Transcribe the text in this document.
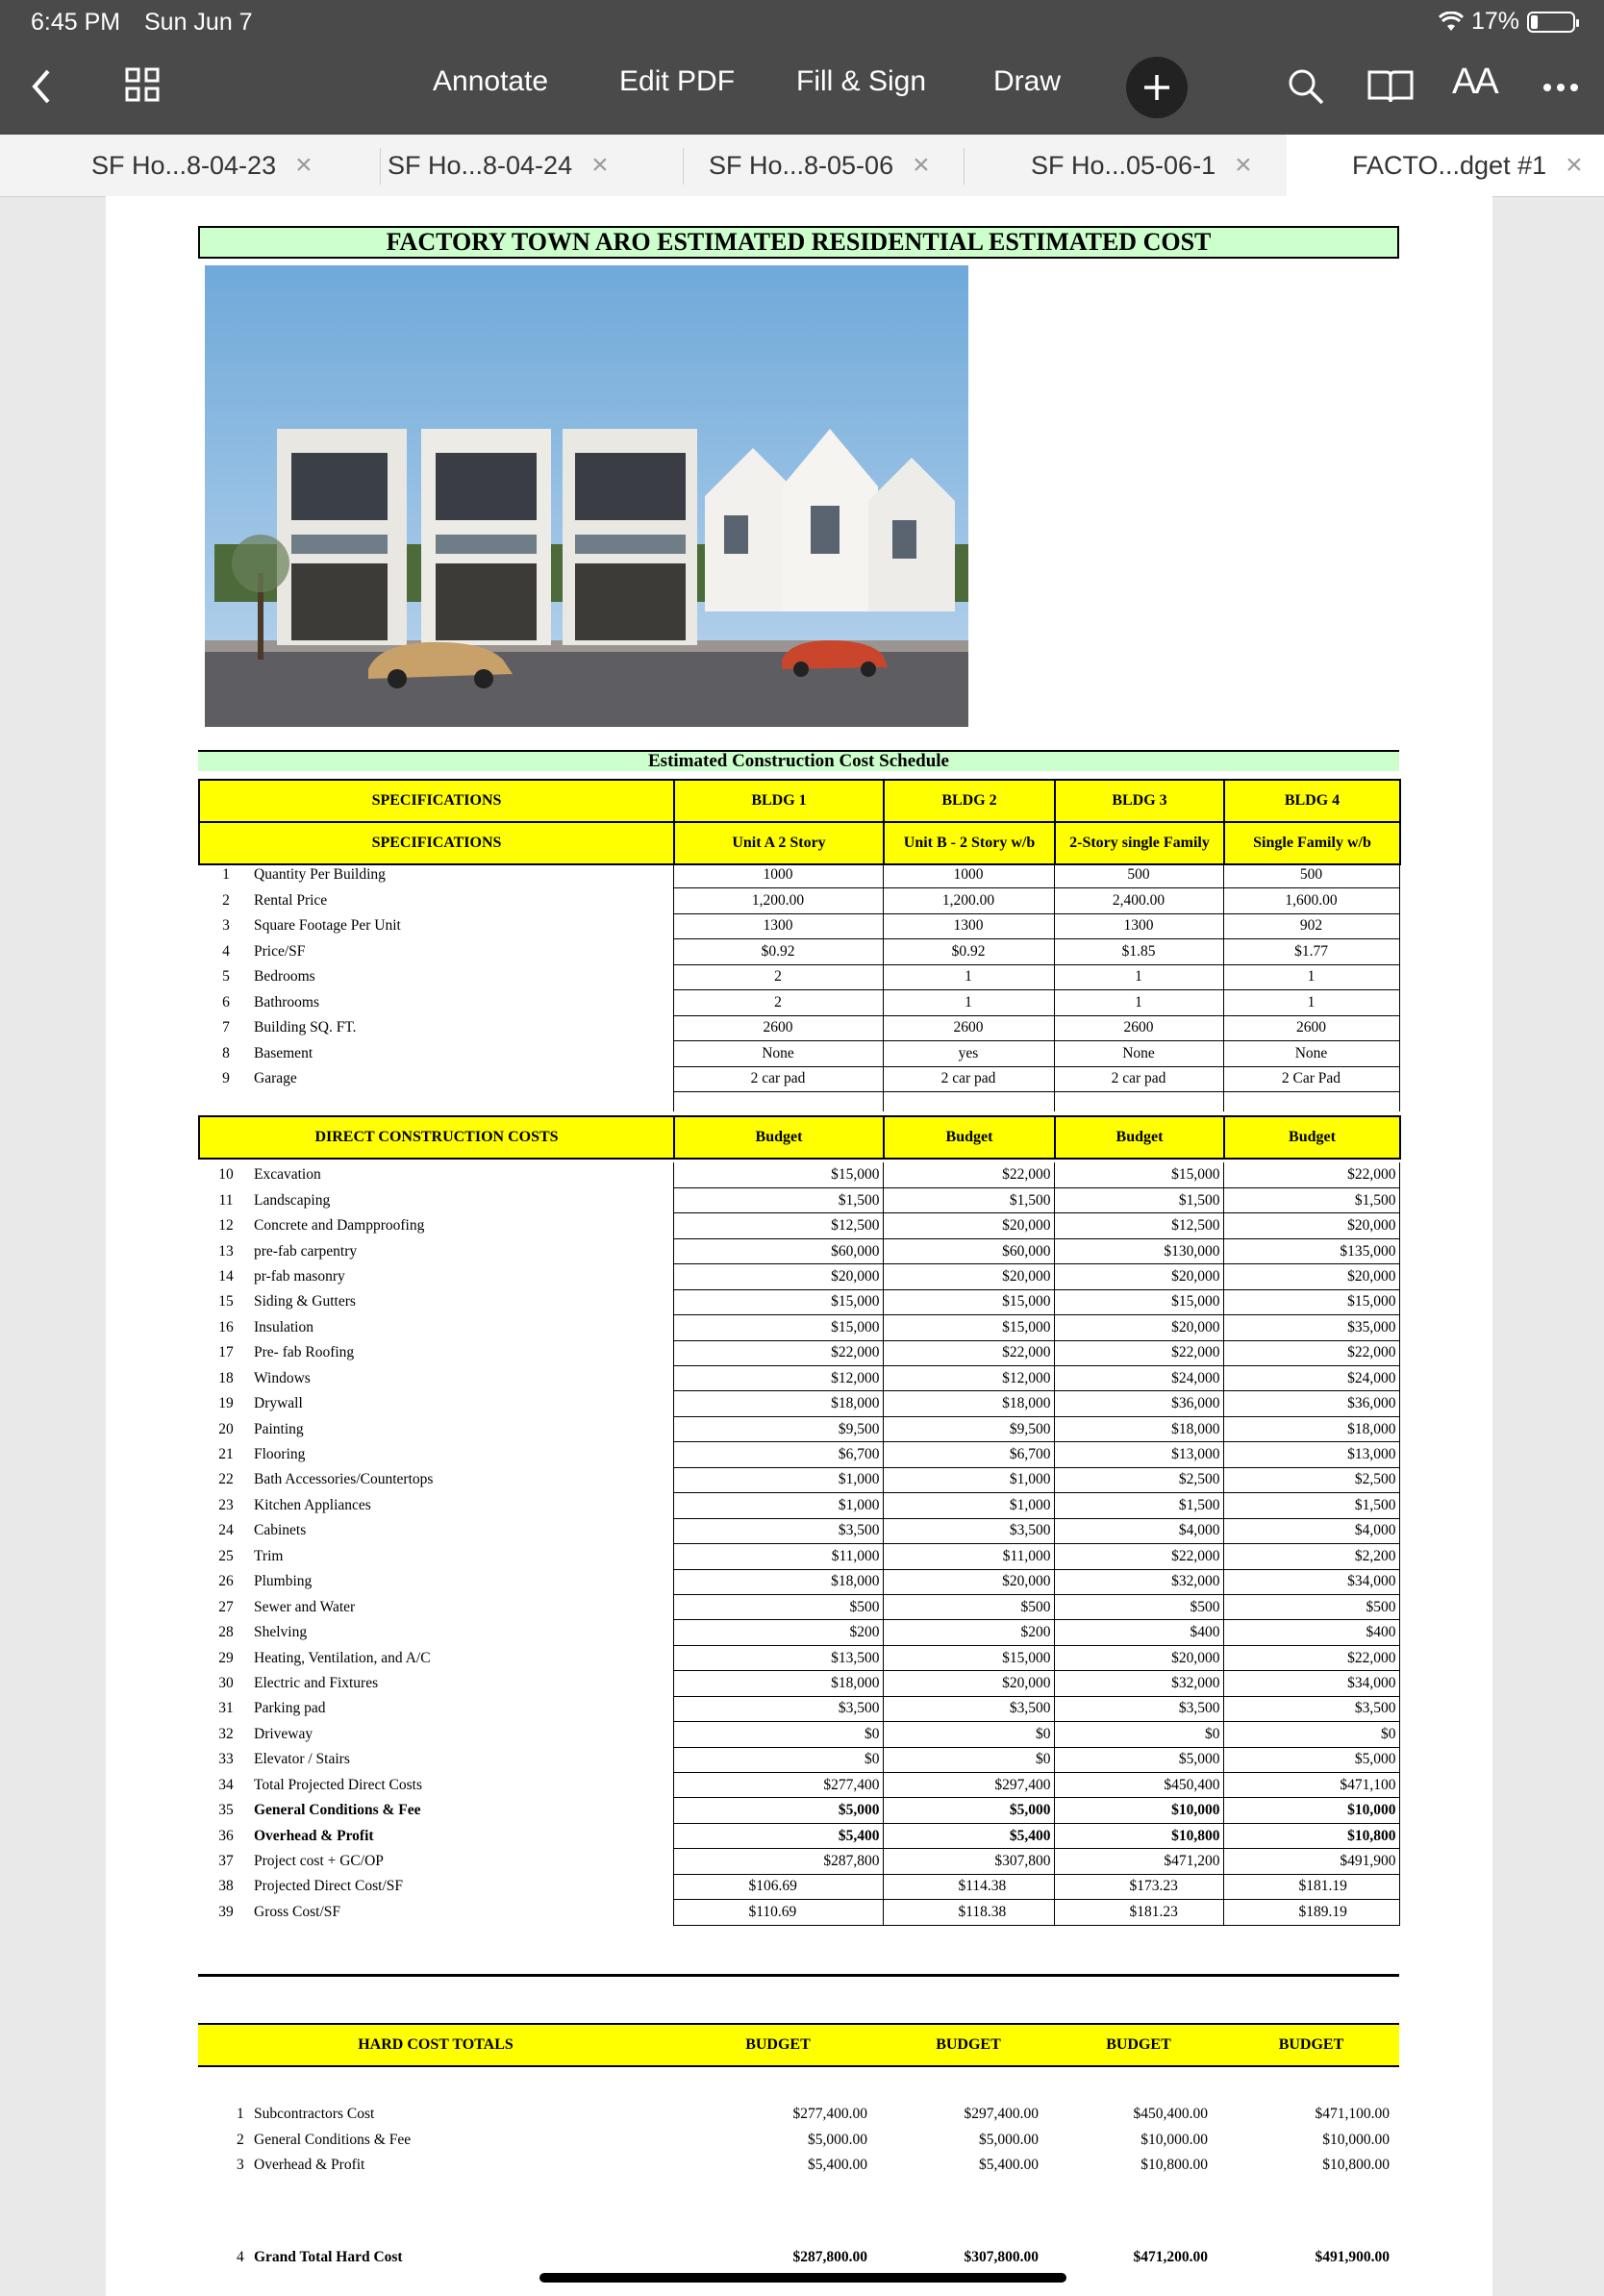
6:45 PM Sun Jun 7	17%
Annotate Edit PDF Fill & Sign Draw	AA
SF Ho...8-04-23 ×	SF Ho...8-04-24 ×	SF Ho...8-05-06 ×	SF Ho...05-06-1 ×	FACTO...dget #1 ×
FACTORY TOWN ARO ESTIMATED RESIDENTIAL ESTIMATED COST
Estimated Construction Cost Schedule
SPECIFICATIONS	BLDG 1	BLDG 2	BLDG 3	BLDG 4
SPECIFICATIONS	Unit A 2 Story	Unit B - 2 Story w/b	2-Story single Family	Single Family w/b
1	Quantity Per Building	1000	1000	500	500
2	Rental Price	1,200.00	1,200.00	2,400.00	1,600.00
3	Square Footage Per Unit	1300	1300	1300	902
4	Price/SF	$0.92	$0.92	$1.85	$1.77
5	Bedrooms	2	1	1	1
6	Bathrooms	2	1	1	1
7	Building SQ. FT.	2600	2600	2600	2600
8	Basement	None	yes	None	None
9	Garage	2 car pad	2 car pad	2 car pad	2 Car Pad

DIRECT CONSTRUCTION COSTS	Budget	Budget	Budget	Budget
10	Excavation	$15,000	$22,000	$15,000	$22,000
11	Landscaping	$1,500	$1,500	$1,500	$1,500
12	Concrete and Dampproofing	$12,500	$20,000	$12,500	$20,000
13	pre-fab carpentry	$60,000	$60,000	$130,000	$135,000
14	pr-fab masonry	$20,000	$20,000	$20,000	$20,000
15	Siding & Gutters	$15,000	$15,000	$15,000	$15,000
16	Insulation	$15,000	$15,000	$20,000	$35,000
17	Pre- fab Roofing	$22,000	$22,000	$22,000	$22,000
18	Windows	$12,000	$12,000	$24,000	$24,000
19	Drywall	$18,000	$18,000	$36,000	$36,000
20	Painting	$9,500	$9,500	$18,000	$18,000
21	Flooring	$6,700	$6,700	$13,000	$13,000
22	Bath Accessories/Countertops	$1,000	$1,000	$2,500	$2,500
23	Kitchen Appliances	$1,000	$1,000	$1,500	$1,500
24	Cabinets	$3,500	$3,500	$4,000	$4,000
25	Trim	$11,000	$11,000	$22,000	$2,200
26	Plumbing	$18,000	$20,000	$32,000	$34,000
27	Sewer and Water	$500	$500	$500	$500
28	Shelving	$200	$200	$400	$400
29	Heating, Ventilation, and A/C	$13,500	$15,000	$20,000	$22,000
30	Electric and Fixtures	$18,000	$20,000	$32,000	$34,000
31	Parking pad	$3,500	$3,500	$3,500	$3,500
32	Driveway	$0	$0	$0	$0
33	Elevator / Stairs	$0	$0	$5,000	$5,000
34	Total Projected Direct Costs	$277,400	$297,400	$450,400	$471,100
35	General Conditions & Fee	$5,000	$5,000	$10,000	$10,000
36	Overhead & Profit	$5,400	$5,400	$10,800	$10,800
37	Project cost + GC/OP	$287,800	$307,800	$471,200	$491,900
38	Projected Direct Cost/SF	$106.69	$114.38	$173.23	$181.19
39	Gross Cost/SF	$110.69	$118.38	$181.23	$189.19
HARD COST TOTALS	BUDGET	BUDGET	BUDGET	BUDGET
1	Subcontractors Cost	$277,400.00	$297,400.00	$450,400.00	$471,100.00
2	General Conditions & Fee	$5,000.00	$5,000.00	$10,000.00	$10,000.00
3	Overhead & Profit	$5,400.00	$5,400.00	$10,800.00	$10,800.00
4	Grand Total Hard Cost	$287,800.00	$307,800.00	$471,200.00	$491,900.00
